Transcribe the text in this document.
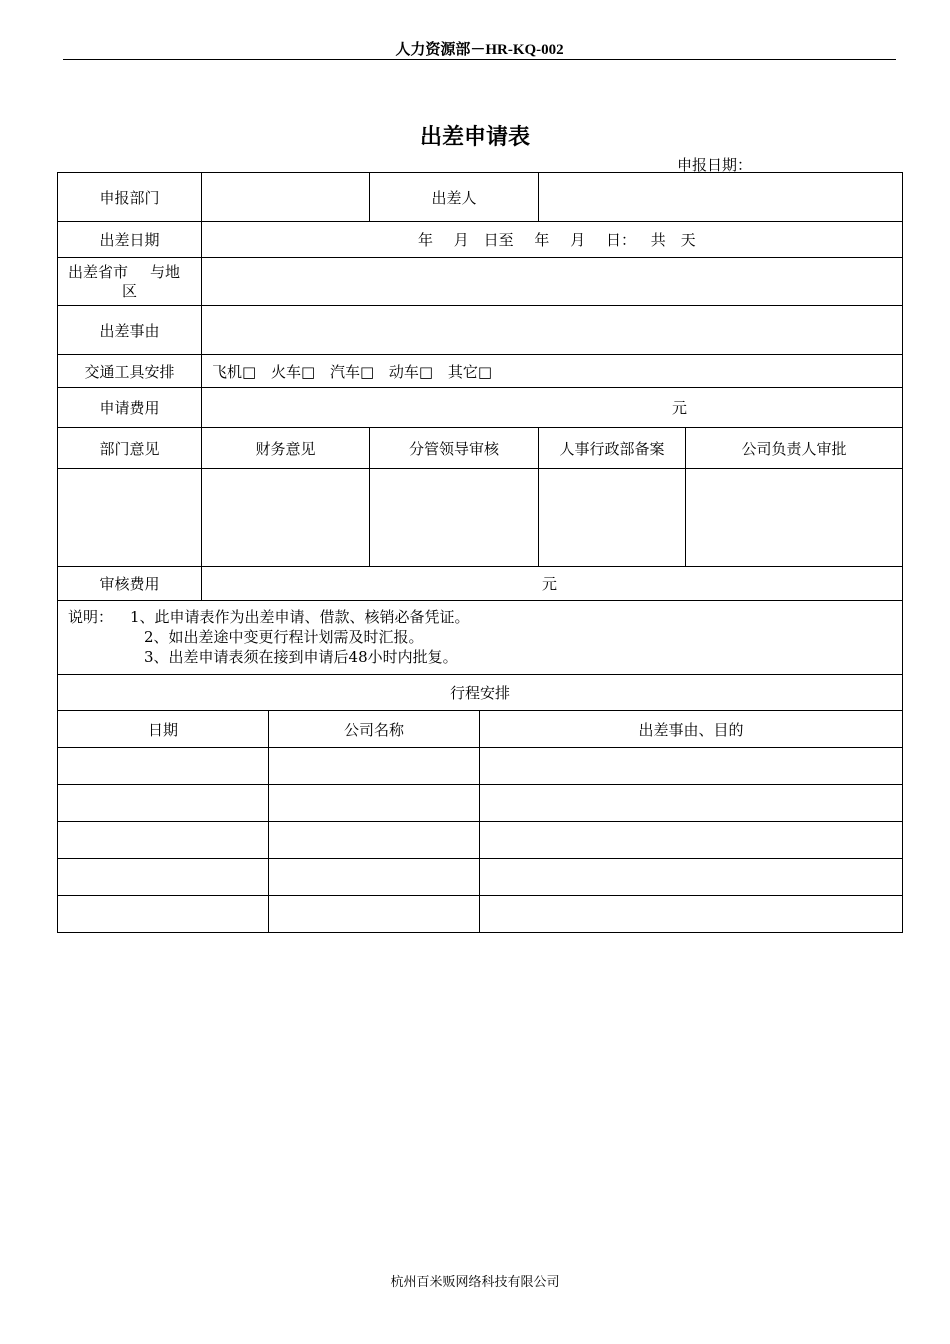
人力资源部－HR-KQ-002
出差申请表
申报日期：
申报部门		出差人		
出差日期	年 月 日至 年 月 日： 共 天			

出差省市 与地
区				

出差事由				
交通工具安排	飞机□ 火车□ 汽车□ 动车□ 其它□			
申请费用	元			
部门意见	财务意见	分管领导审核	人事行政部备案	公司负责人审批

审核费用	元			

说明： 1、此申请表作为出差申请、借款、核销必备凭证。
2、如出差途中变更行程计划需及时汇报。
3、出差申请表须在接到申请后48小时内批复。				

行程安排				
日期	公司名称	出差事由、目的

杭州百米贩网络科技有限公司
